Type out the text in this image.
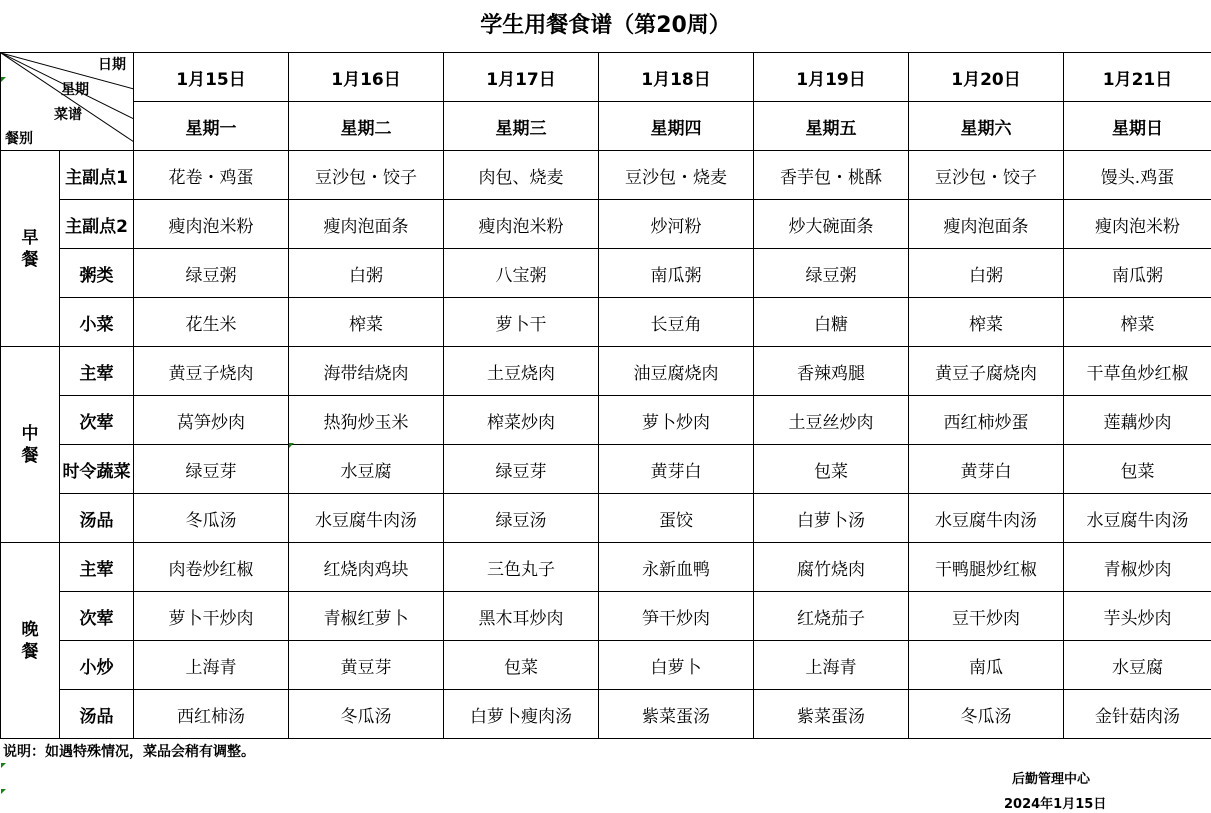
学生用餐食谱（第20周）
日期
星期
菜谱
餐别		1月15日	1月16日	1月17日	1月18日	1月19日	1月20日	1月21日
		星期一	星期二	星期三	星期四	星期五	星期六	星期日

早
餐	主副点1	花卷・鸡蛋	豆沙包・饺子	肉包、烧麦	豆沙包・烧麦	香芋包・桃酥	豆沙包・饺子	馒头.鸡蛋
	主副点2	瘦肉泡米粉	瘦肉泡面条	瘦肉泡米粉	炒河粉	炒大碗面条	瘦肉泡面条	瘦肉泡米粉
	粥类	绿豆粥	白粥	八宝粥	南瓜粥	绿豆粥	白粥	南瓜粥
	小菜	花生米	榨菜	萝卜干	长豆角	白糖	榨菜	榨菜

中
餐	主荤	黄豆子烧肉	海带结烧肉	土豆烧肉	油豆腐烧肉	香辣鸡腿	黄豆子腐烧肉	干草鱼炒红椒
	次荤	莴笋炒肉	热狗炒玉米	榨菜炒肉	萝卜炒肉	土豆丝炒肉	西红柿炒蛋	莲藕炒肉
	时令蔬菜	绿豆芽	水豆腐	绿豆芽	黄芽白	包菜	黄芽白	包菜
	汤品	冬瓜汤	水豆腐牛肉汤	绿豆汤	蛋饺	白萝卜汤	水豆腐牛肉汤	水豆腐牛肉汤

晚
餐	主荤	肉卷炒红椒	红烧肉鸡块	三色丸子	永新血鸭	腐竹烧肉	干鸭腿炒红椒	青椒炒肉
	次荤	萝卜干炒肉	青椒红萝卜	黑木耳炒肉	笋干炒肉	红烧茄子	豆干炒肉	芋头炒肉
	小炒	上海青	黄豆芽	包菜	白萝卜	上海青	南瓜	水豆腐
	汤品	西红柿汤	冬瓜汤	白萝卜瘦肉汤	紫菜蛋汤	紫菜蛋汤	冬瓜汤	金针菇肉汤
说明：如遇特殊情况，菜品会稍有调整。
后勤管理中心
2024年1月15日
